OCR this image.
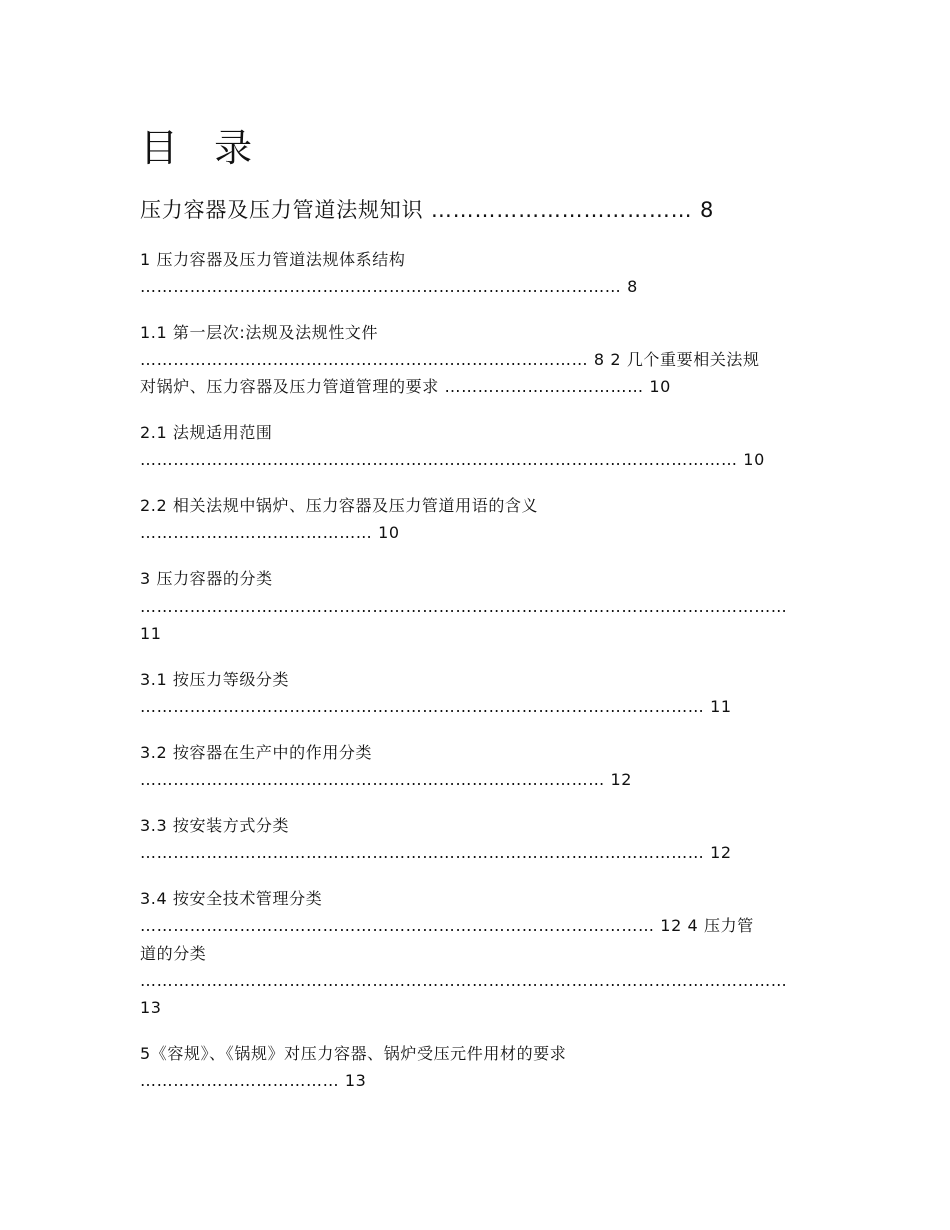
目 录
压力容器及压力管道法规知识 ……………………………… 8
1 压力容器及压力管道法规体系结构
…………………………………………………………………………… 8
1.1 第一层次:法规及法规性文件
……………………………………………………………………… 8 2 几个重要相关法规
对锅炉、压力容器及压力管道管理的要求 ……………………………… 10
2.1 法规适用范围
……………………………………………………………………………………………… 10
2.2 相关法规中锅炉、压力容器及压力管道用语的含义
…………………………………… 10
3 压力容器的分类
………………………………………………………………………………………………………
11
3.1 按压力等级分类
………………………………………………………………………………………… 11
3.2 按容器在生产中的作用分类
………………………………………………………………………… 12
3.3 按安装方式分类
………………………………………………………………………………………… 12
3.4 按安全技术管理分类
………………………………………………………………………………… 12 4 压力管
道的分类
………………………………………………………………………………………………………
13
5《容规》、《锅规》对压力容器、锅炉受压元件用材的要求
……………………………… 13
